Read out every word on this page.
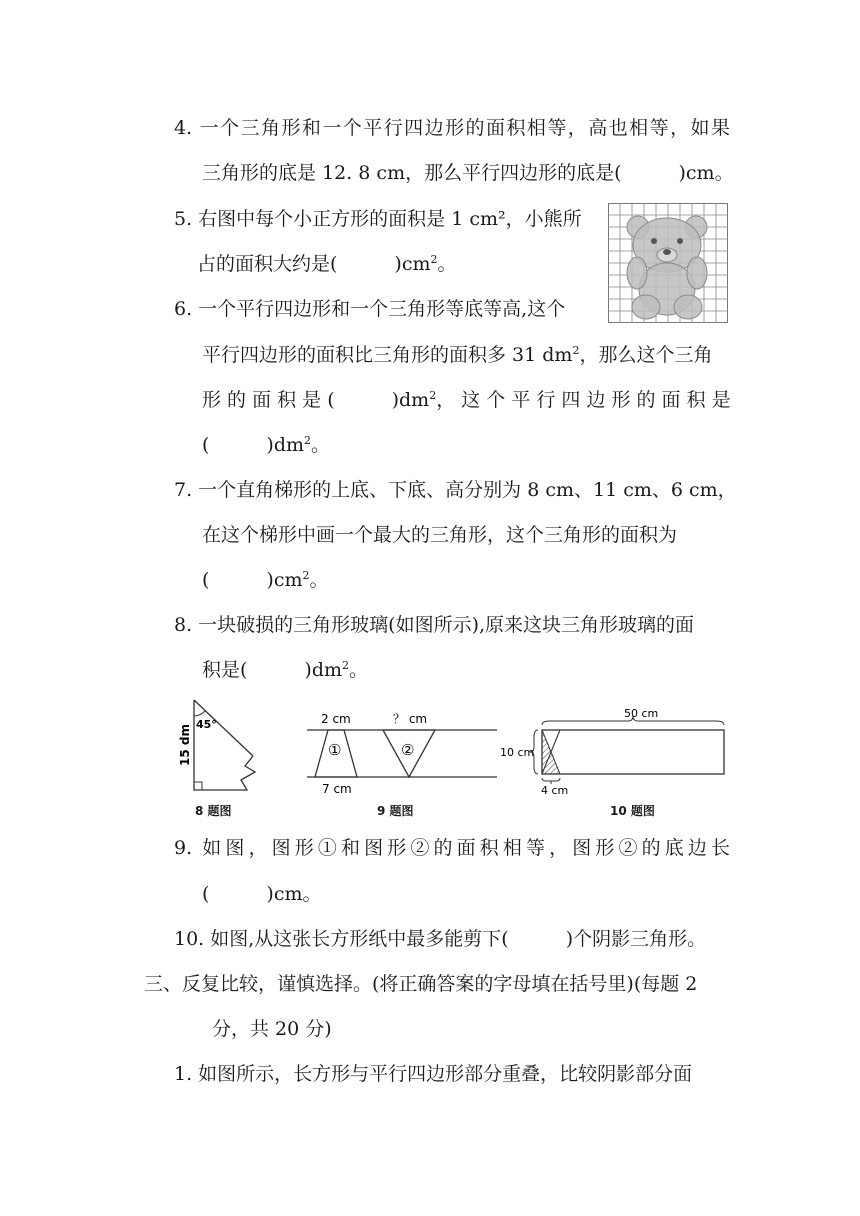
4. 一个三角形和一个平行四边形的面积相等，高也相等，如果
三角形的底是 12. 8 cm，那么平行四边形的底是(　　　)cm。
5. 右图中每个小正方形的面积是 1 cm²，小熊所
占的面积大约是(　　　)$cm^2$。
6. 一个平行四边形和一个三角形等底等高,这个
平行四边形的面积比三角形的面积多 31 $dm^2$，那么这个三角
形 的 面 积 是 (　　　)$dm^2$， 这 个 平 行 四 边 形 的 面 积 是
(　　　)$dm^2$。
7. 一个直角梯形的上底、下底、高分别为 8 cm、11 cm、6 cm，
在这个梯形中画一个最大的三角形，这个三角形的面积为
(　　　)$cm^2$。
8. 一块破损的三角形玻璃(如图所示),原来这块三角形玻璃的面
积是(　　　)$dm^2$。
45°
15 dm
8 题图
2 cm	？ cm
①	②
7 cm
9 题图
50 cm
10 cm
4 cm
10 题图
9. 如图，图形①和图形②的面积相等，图形②的底边长
(　　　)cm。
10. 如图,从这张长方形纸中最多能剪下(　　　)个阴影三角形。
三、反复比较，谨慎选择。(将正确答案的字母填在括号里)(每题 2
分，共 20 分)
1. 如图所示，长方形与平行四边形部分重叠，比较阴影部分面
